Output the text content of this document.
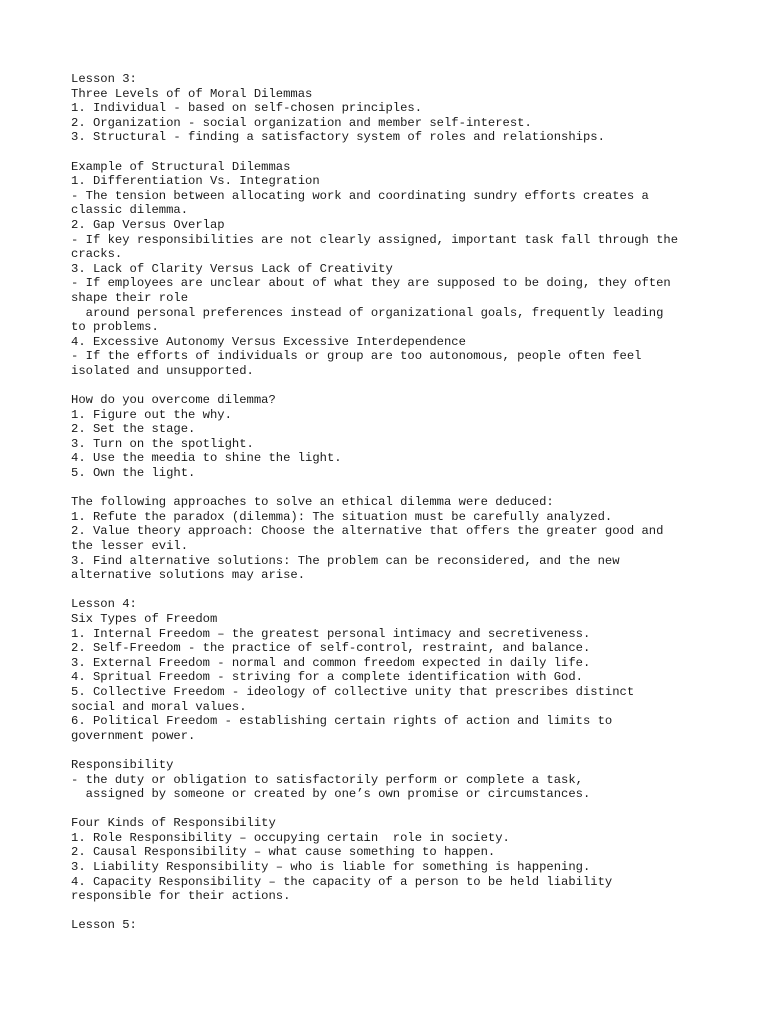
Lesson 3:
Three Levels of of Moral Dilemmas
1. Individual - based on self-chosen principles.
2. Organization - social organization and member self-interest.
3. Structural - finding a satisfactory system of roles and relationships.
Example of Structural Dilemmas
1. Differentiation Vs. Integration
- The tension between allocating work and coordinating sundry efforts creates a
classic dilemma.
2. Gap Versus Overlap
- If key responsibilities are not clearly assigned, important task fall through the
cracks.
3. Lack of Clarity Versus Lack of Creativity
- If employees are unclear about of what they are supposed to be doing, they often
shape their role
around personal preferences instead of organizational goals, frequently leading
to problems.
4. Excessive Autonomy Versus Excessive Interdependence
- If the efforts of individuals or group are too autonomous, people often feel
isolated and unsupported.
How do you overcome dilemma?
1. Figure out the why.
2. Set the stage.
3. Turn on the spotlight.
4. Use the meedia to shine the light.
5. Own the light.
The following approaches to solve an ethical dilemma were deduced:
1. Refute the paradox (dilemma): The situation must be carefully analyzed.
2. Value theory approach: Choose the alternative that offers the greater good and
the lesser evil.
3. Find alternative solutions: The problem can be reconsidered, and the new
alternative solutions may arise.
Lesson 4:
Six Types of Freedom
1. Internal Freedom – the greatest personal intimacy and secretiveness.
2. Self-Freedom - the practice of self-control, restraint, and balance.
3. External Freedom - normal and common freedom expected in daily life.
4. Spritual Freedom - striving for a complete identification with God.
5. Collective Freedom - ideology of collective unity that prescribes distinct
social and moral values.
6. Political Freedom - establishing certain rights of action and limits to
government power.
Responsibility
- the duty or obligation to satisfactorily perform or complete a task,
assigned by someone or created by one’s own promise or circumstances.
Four Kinds of Responsibility
1. Role Responsibility – occupying certain  role in society.
2. Causal Responsibility – what cause something to happen.
3. Liability Responsibility – who is liable for something is happening.
4. Capacity Responsibility – the capacity of a person to be held liability
responsible for their actions.
Lesson 5:
